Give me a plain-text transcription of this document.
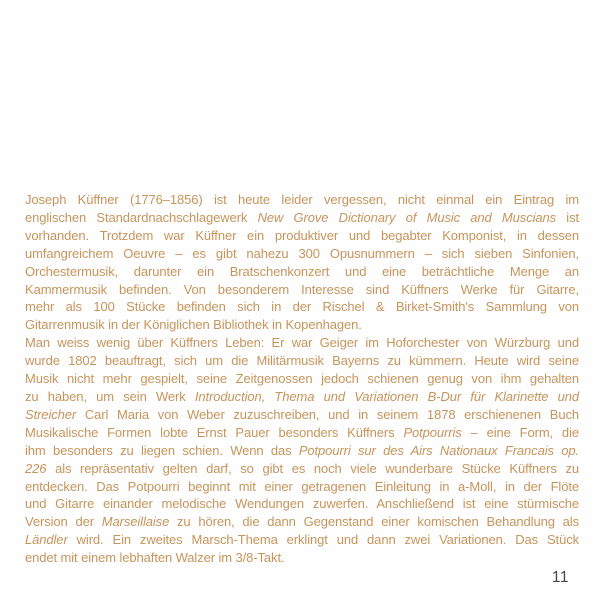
Joseph Küffner (1776–1856) ist heute leider vergessen, nicht einmal ein Eintrag im
englischen Standardnachschlagewerk New Grove Dictionary of Music and Muscians ist
vorhanden. Trotzdem war Küffner ein produktiver und begabter Komponist, in dessen
umfangreichem Oeuvre – es gibt nahezu 300 Opusnummern – sich sieben Sinfonien,
Orchestermusik, darunter ein Bratschenkonzert und eine beträchtliche Menge an
Kammermusik befinden. Von besonderem Interesse sind Küffners Werke für Gitarre,
mehr als 100 Stücke befinden sich in der Rischel & Birket-Smith's Sammlung von
Gitarrenmusik in der Königlichen Bibliothek in Kopenhagen.
Man weiss wenig über Küffners Leben: Er war Geiger im Hoforchester von Würzburg und
wurde 1802 beauftragt, sich um die Militärmusik Bayerns zu kümmern. Heute wird seine
Musik nicht mehr gespielt, seine Zeitgenossen jedoch schienen genug von ihm gehalten
zu haben, um sein Werk Introduction, Thema und Variationen B-Dur für Klarinette und
Streicher Carl Maria von Weber zuzuschreiben, und in seinem 1878 erschienenen Buch
Musikalische Formen lobte Ernst Pauer besonders Küffners Potpourris – eine Form, die
ihm besonders zu liegen schien. Wenn das Potpourri sur des Airs Nationaux Francais op.
226 als repräsentativ gelten darf, so gibt es noch viele wunderbare Stücke Küffners zu
entdecken. Das Potpourri beginnt mit einer getragenen Einleitung in a-Moll, in der Flöte
und Gitarre einander melodische Wendungen zuwerfen. Anschließend ist eine stürmische
Version der Marseillaise zu hören, die dann Gegenstand einer komischen Behandlung als
Ländler wird. Ein zweites Marsch-Thema erklingt und dann zwei Variationen. Das Stück
endet mit einem lebhaften Walzer im 3/8-Takt.
11
